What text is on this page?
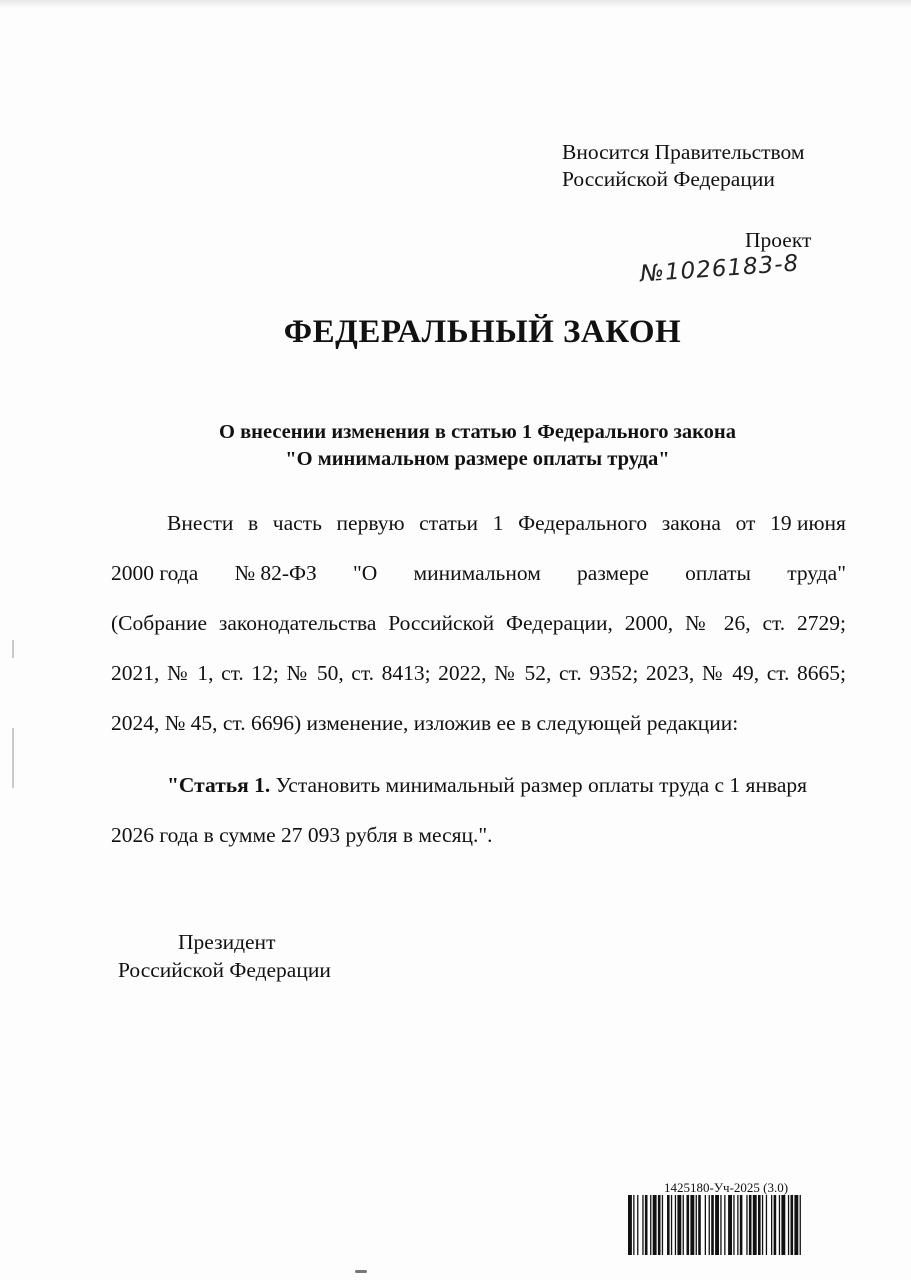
Вносится Правительством
Российской Федерации
Проект
№1026183-8
ФЕДЕРАЛЬНЫЙ ЗАКОН
О внесении изменения в статью 1 Федерального закона
"О минимальном размере оплаты труда"
Внести в часть первую статьи 1 Федерального закона от 19 июня
2000 года № 82-ФЗ "О минимальном размере оплаты труда"
(Собрание законодательства Российской Федерации, 2000, № 26, ст. 2729;
2021, № 1, ст. 12; № 50, ст. 8413; 2022, № 52, ст. 9352; 2023, № 49, ст. 8665;
2024, № 45, ст. 6696) изменение, изложив ее в следующей редакции:
"Статья 1. Установить минимальный размер оплаты труда с 1 января
2026 года в сумме 27 093 рубля в месяц.".
Президент
Российской Федерации
1425180-Уч-2025 (3.0)
